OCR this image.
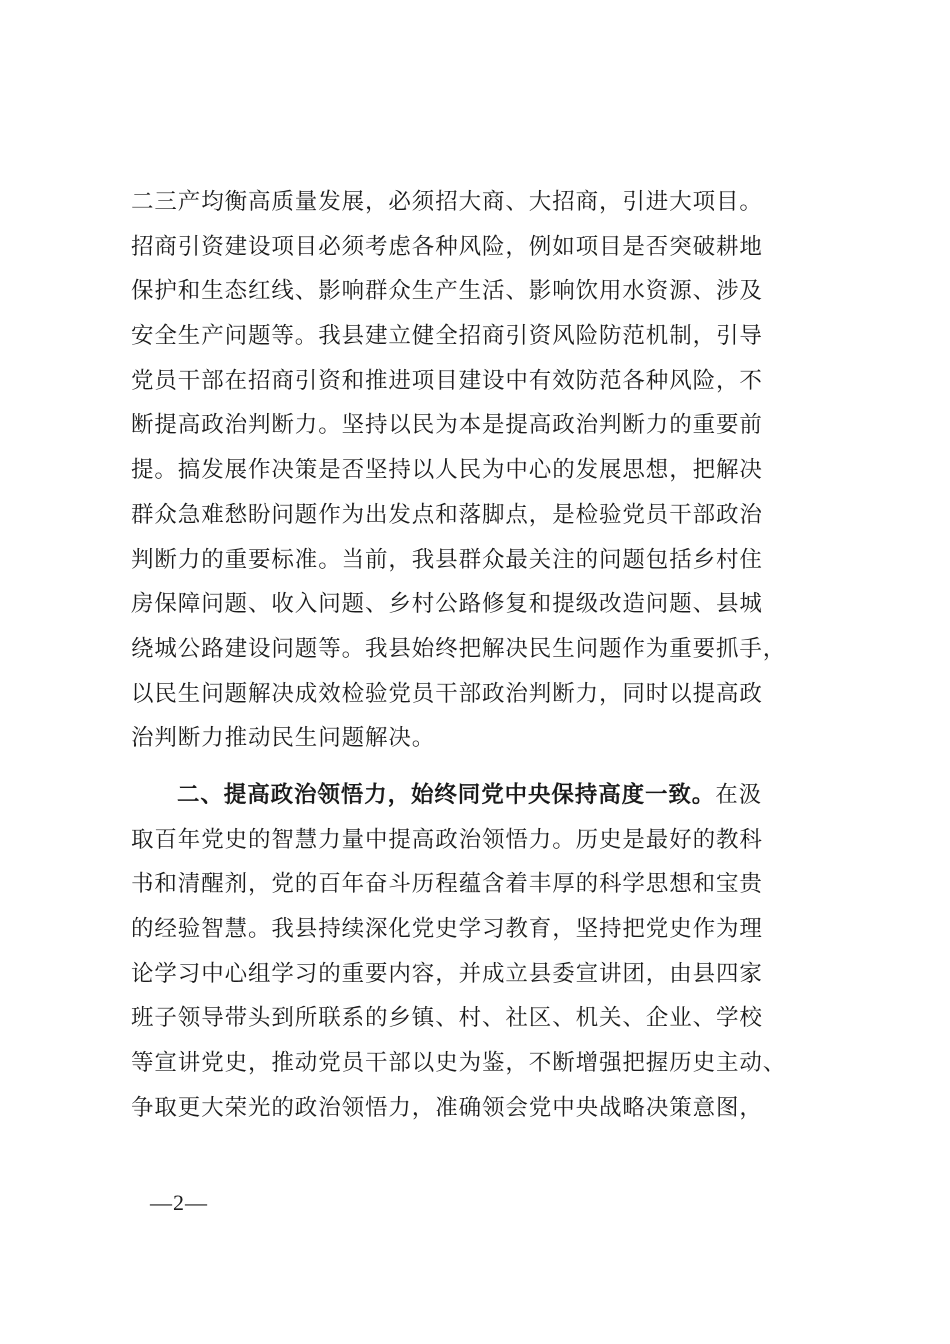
二三产均衡高质量发展，必须招大商、大招商，引进大项目。
招商引资建设项目必须考虑各种风险，例如项目是否突破耕地
保护和生态红线、影响群众生产生活、影响饮用水资源、涉及
安全生产问题等。我县建立健全招商引资风险防范机制，引导
党员干部在招商引资和推进项目建设中有效防范各种风险，不
断提高政治判断力。坚持以民为本是提高政治判断力的重要前
提。搞发展作决策是否坚持以人民为中心的发展思想，把解决
群众急难愁盼问题作为出发点和落脚点，是检验党员干部政治
判断力的重要标准。当前，我县群众最关注的问题包括乡村住
房保障问题、收入问题、乡村公路修复和提级改造问题、县城
绕城公路建设问题等。我县始终把解决民生问题作为重要抓手，
以民生问题解决成效检验党员干部政治判断力，同时以提高政
治判断力推动民生问题解决。
二、提高政治领悟力，始终同党中央保持高度一致。在汲
取百年党史的智慧力量中提高政治领悟力。历史是最好的教科
书和清醒剂，党的百年奋斗历程蕴含着丰厚的科学思想和宝贵
的经验智慧。我县持续深化党史学习教育，坚持把党史作为理
论学习中心组学习的重要内容，并成立县委宣讲团，由县四家
班子领导带头到所联系的乡镇、村、社区、机关、企业、学校
等宣讲党史，推动党员干部以史为鉴，不断增强把握历史主动、
争取更大荣光的政治领悟力，准确领会党中央战略决策意图，
—2—
